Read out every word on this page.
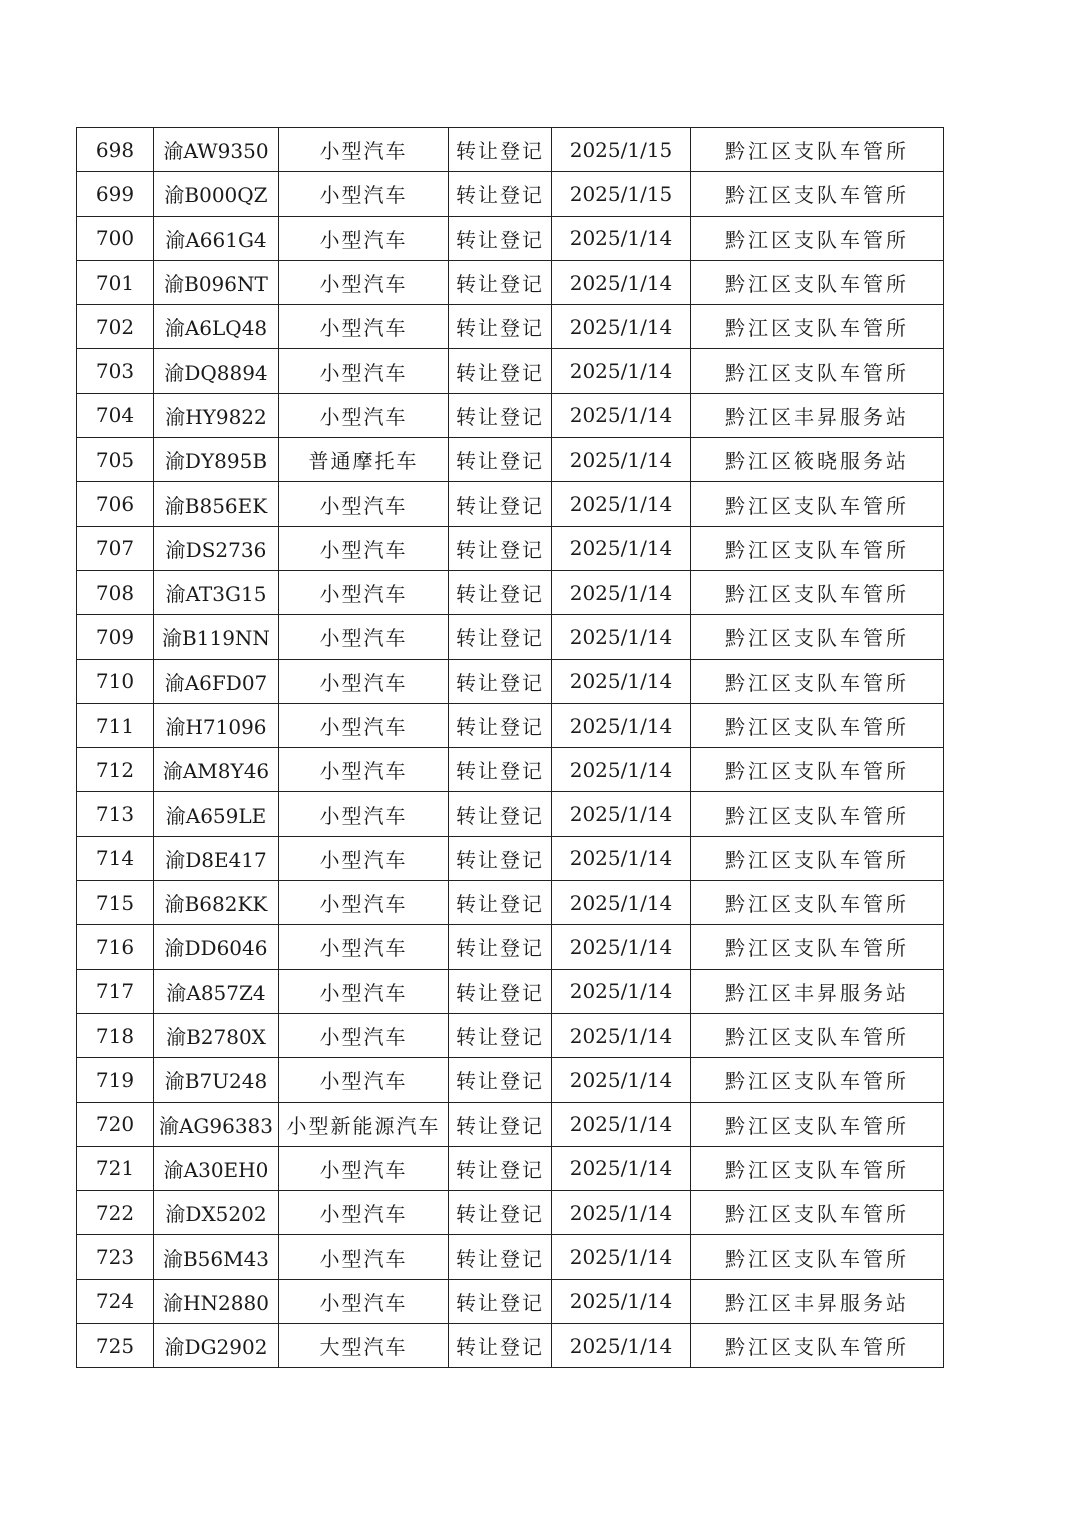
698	渝AW9350	小型汽车	转让登记	2025/1/15	黔江区支队车管所
699	渝B000QZ	小型汽车	转让登记	2025/1/15	黔江区支队车管所
700	渝A661G4	小型汽车	转让登记	2025/1/14	黔江区支队车管所
701	渝B096NT	小型汽车	转让登记	2025/1/14	黔江区支队车管所
702	渝A6LQ48	小型汽车	转让登记	2025/1/14	黔江区支队车管所
703	渝DQ8894	小型汽车	转让登记	2025/1/14	黔江区支队车管所
704	渝HY9822	小型汽车	转让登记	2025/1/14	黔江区丰昇服务站
705	渝DY895B	普通摩托车	转让登记	2025/1/14	黔江区筱晓服务站
706	渝B856EK	小型汽车	转让登记	2025/1/14	黔江区支队车管所
707	渝DS2736	小型汽车	转让登记	2025/1/14	黔江区支队车管所
708	渝AT3G15	小型汽车	转让登记	2025/1/14	黔江区支队车管所
709	渝B119NN	小型汽车	转让登记	2025/1/14	黔江区支队车管所
710	渝A6FD07	小型汽车	转让登记	2025/1/14	黔江区支队车管所
711	渝H71096	小型汽车	转让登记	2025/1/14	黔江区支队车管所
712	渝AM8Y46	小型汽车	转让登记	2025/1/14	黔江区支队车管所
713	渝A659LE	小型汽车	转让登记	2025/1/14	黔江区支队车管所
714	渝D8E417	小型汽车	转让登记	2025/1/14	黔江区支队车管所
715	渝B682KK	小型汽车	转让登记	2025/1/14	黔江区支队车管所
716	渝DD6046	小型汽车	转让登记	2025/1/14	黔江区支队车管所
717	渝A857Z4	小型汽车	转让登记	2025/1/14	黔江区丰昇服务站
718	渝B2780X	小型汽车	转让登记	2025/1/14	黔江区支队车管所
719	渝B7U248	小型汽车	转让登记	2025/1/14	黔江区支队车管所
720	渝AG96383	小型新能源汽车	转让登记	2025/1/14	黔江区支队车管所
721	渝A30EH0	小型汽车	转让登记	2025/1/14	黔江区支队车管所
722	渝DX5202	小型汽车	转让登记	2025/1/14	黔江区支队车管所
723	渝B56M43	小型汽车	转让登记	2025/1/14	黔江区支队车管所
724	渝HN2880	小型汽车	转让登记	2025/1/14	黔江区丰昇服务站
725	渝DG2902	大型汽车	转让登记	2025/1/14	黔江区支队车管所
